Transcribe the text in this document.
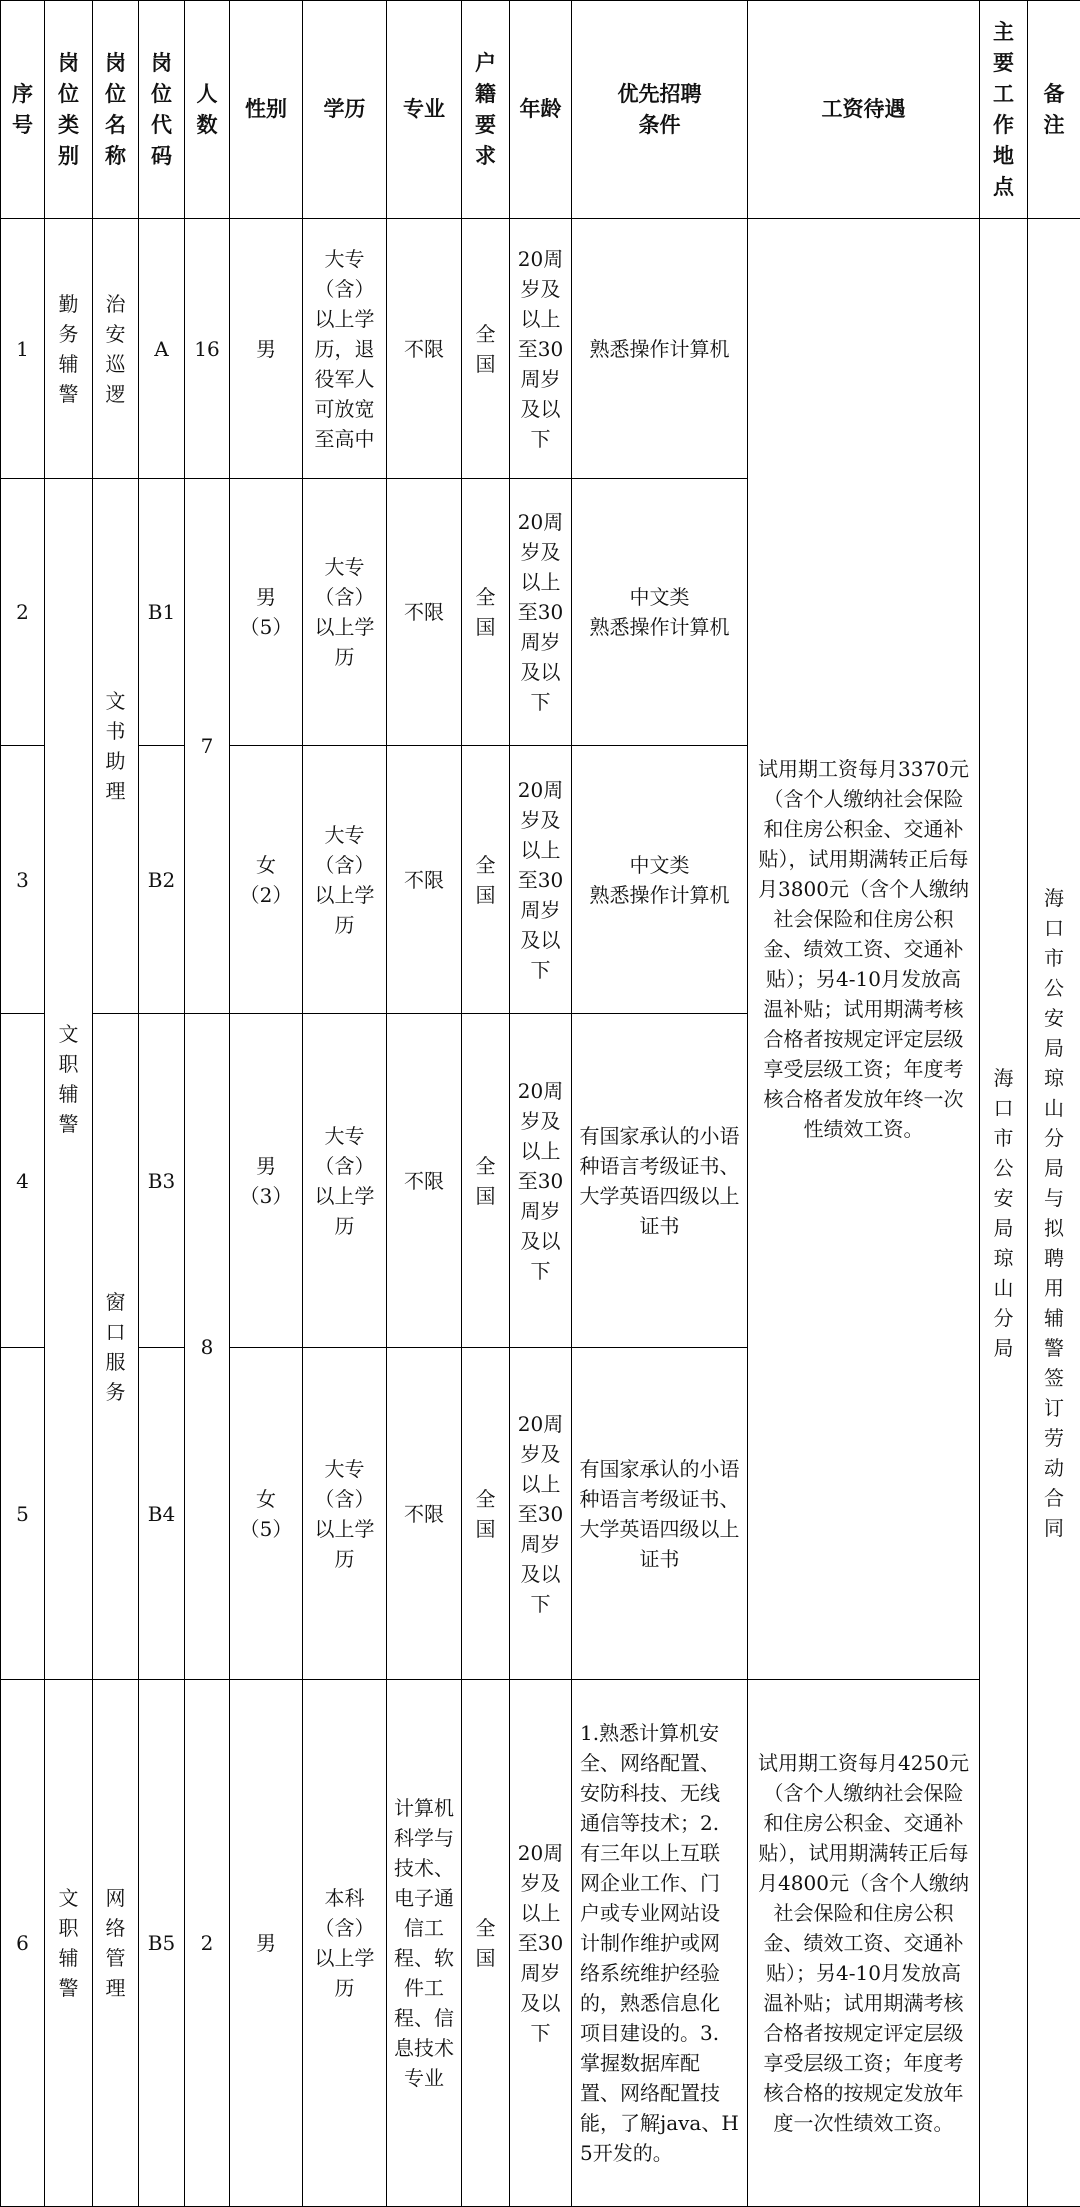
序号	岗位类别	岗位名称	岗位代码	人数	性别	学历	专业	户籍要求	年龄	优先招聘条件	工资待遇	主要工作地点	备注
1	勤务辅警	治安巡逻	A	16	男	大专（含）以上学历，退役军人可放宽至高中	不限	全国	20周岁及以上至30周岁及以下	熟悉操作计算机	试用期工资每月3370元（含个人缴纳社会保险和住房公积金、交通补贴），试用期满转正后每月3800元（含个人缴纳社会保险和住房公积金、绩效工资、交通补贴）；另4-10月发放高温补贴；试用期满考核合格者按规定评定层级享受层级工资；年度考核合格者发放年终一次性绩效工资。	海口市公安局琼山分局	海口市公安局琼山分局与拟聘用辅警签订劳动合同
2	文职辅警	文书助理	B1	7	男（5）	大专（含）以上学历	不限	全国	20周岁及以上至30周岁及以下	中文类
熟悉操作计算机			

3			B2		女（2）	大专（含）以上学历	不限	全国	20周岁及以上至30周岁及以下	中文类
熟悉操作计算机			

4		窗口服务	B3	8	男（3）	大专（含）以上学历	不限	全国	20周岁及以上至30周岁及以下	有国家承认的小语种语言考级证书、大学英语四级以上证书			
5			B4		女（5）	大专（含）以上学历	不限	全国	20周岁及以上至30周岁及以下	有国家承认的小语种语言考级证书、大学英语四级以上证书			
6	文职辅警	网络管理	B5	2	男	本科（含）以上学历	计算机科学与技术、电子通信工程、软件工程、信息技术专业	全国	20周岁及以上至30周岁及以下	1.熟悉计算机安全、网络配置、安防科技、无线通信等技术；2.有三年以上互联网企业工作、门户或专业网站设计制作维护或网络系统维护经验的，熟悉信息化项目建设的。3.掌握数据库配置、网络配置技能，了解java、H5开发的。	试用期工资每月4250元（含个人缴纳社会保险和住房公积金、交通补贴），试用期满转正后每月4800元（含个人缴纳社会保险和住房公积金、绩效工资、交通补贴）；另4-10月发放高温补贴；试用期满考核合格者按规定评定层级享受层级工资；年度考核合格的按规定发放年度一次性绩效工资。		
